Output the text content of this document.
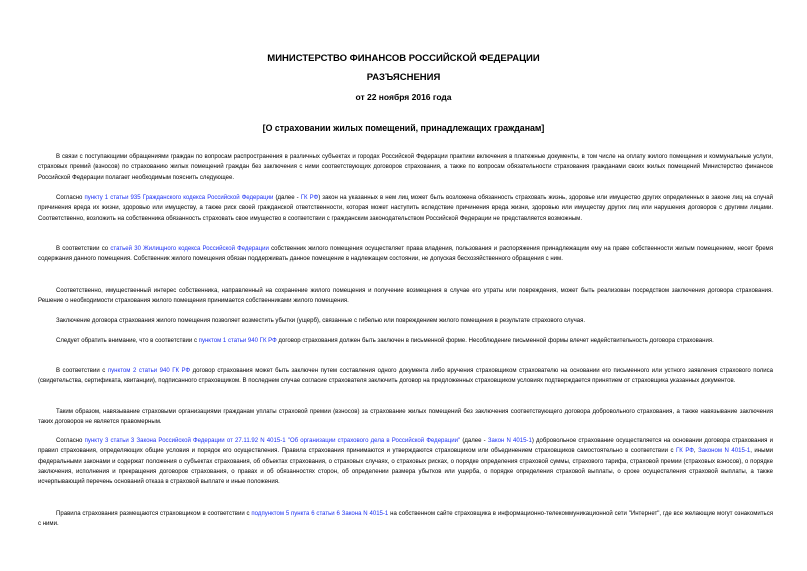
МИНИСТЕРСТВО ФИНАНСОВ РОССИЙСКОЙ ФЕДЕРАЦИИ
РАЗЪЯСНЕНИЯ
от 22 ноября 2016 года
[О страховании жилых помещений, принадлежащих гражданам]

В связи с поступающими обращениями граждан по вопросам распространения в различных субъектах и городах Российской Федерации практики включения в платежные документы, в том числе на оплату жилого помещения и коммунальные услуги, страховых премий (взносов) по страхованию жилых помещений граждан без заключения с ними соответствующих договоров страхования, а также по вопросам обязательности страхования гражданами своих жилых помещений Министерство финансов Российской Федерации полагает необходимым пояснить следующее.

Согласно пункту 1 статьи 935 Гражданского кодекса Российской Федерации (далее - ГК РФ) закон на указанных в нем лиц может быть возложена обязанность страховать жизнь, здоровье или имущество других определенных в законе лиц на случай причинения вреда их жизни, здоровью или имуществу, а также риск своей гражданской ответственности, которая может наступить вследствие причинения вреда жизни, здоровью или имуществу других лиц или нарушения договоров с другими лицами. Соответственно, возложить на собственника обязанность страховать свое имущество в соответствии с гражданским законодательством Российской Федерации не представляется возможным.

В соответствии со статьей 30 Жилищного кодекса Российской Федерации собственник жилого помещения осуществляет права владения, пользования и распоряжения принадлежащим ему на праве собственности жилым помещением, несет бремя содержания данного помещения. Собственник жилого помещения обязан поддерживать данное помещение в надлежащем состоянии, не допуская бесхозяйственного обращения с ним.

Соответственно, имущественный интерес собственника, направленный на сохранение жилого помещения и получение возмещения в случае его утраты или повреждения, может быть реализован посредством заключения договора страхования. Решение о необходимости страхования жилого помещения принимается собственниками жилого помещения.

Заключение договора страхования жилого помещения позволяет возместить убытки (ущерб), связанные с гибелью или повреждением жилого помещения в результате страхового случая.

Следует обратить внимание, что в соответствии с пунктом 1 статьи 940 ГК РФ договор страхования должен быть заключен в письменной форме. Несоблюдение письменной формы влечет недействительность договора страхования.

В соответствии с пунктом 2 статьи 940 ГК РФ договор страхования может быть заключен путем составления одного документа либо вручения страховщиком страхователю на основании его письменного или устного заявления страхового полиса (свидетельства, сертификата, квитанции), подписанного страховщиком. В последнем случае согласие страхователя заключить договор на предложенных страховщиком условиях подтверждается принятием от страховщика указанных документов.

Таким образом, навязывание страховыми организациями гражданам уплаты страховой премии (взносов) за страхование жилых помещений без заключения соответствующего договора добровольного страхования, а также навязывание заключения таких договоров не является правомерным.

Согласно пункту 3 статьи 3 Закона Российской Федерации от 27.11.92 N 4015-1 "Об организации страхового дела в Российской Федерации" (далее - Закон N 4015-1) добровольное страхование осуществляется на основании договора страхования и правил страхования, определяющих общие условия и порядок его осуществления. Правила страхования принимаются и утверждаются страховщиком или объединением страховщиков самостоятельно в соответствии с ГК РФ, Законом N 4015-1, иными федеральными законами и содержат положения о субъектах страхования, об объектах страхования, о страховых случаях, о страховых рисках, о порядке определения страховой суммы, страхового тарифа, страховой премии (страховых взносов), о порядке заключения, исполнения и прекращения договоров страхования, о правах и об обязанностях сторон, об определении размера убытков или ущерба, о порядке определения страховой выплаты, о сроке осуществления страховой выплаты, а также исчерпывающий перечень оснований отказа в страховой выплате и иные положения.

Правила страхования размещаются страховщиком в соответствии с подпунктом 5 пункта 6 статьи 6 Закона N 4015-1 на собственном сайте страховщика в информационно-телекоммуникационной сети "Интернет", где все желающие могут ознакомиться с ними.
